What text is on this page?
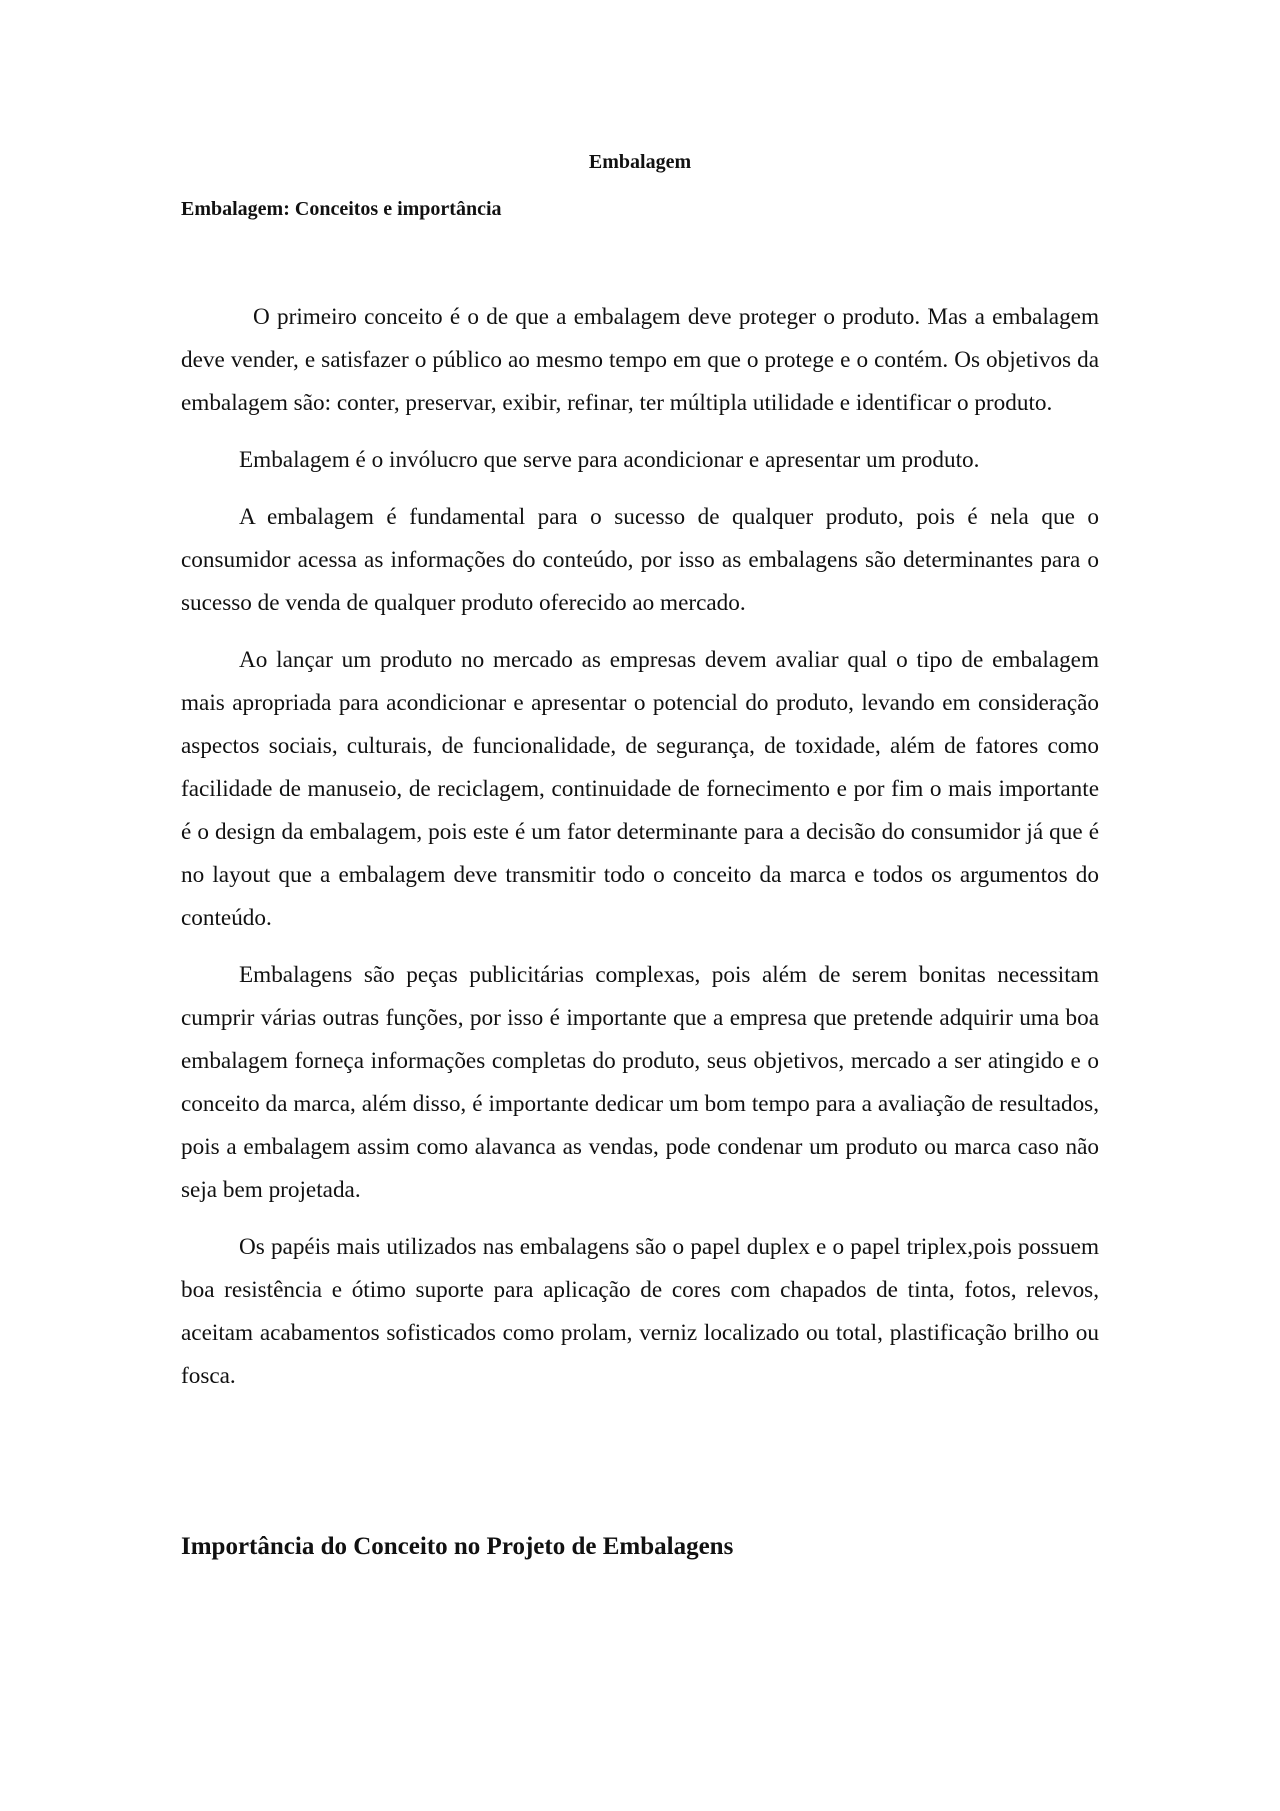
Embalagem
Embalagem: Conceitos e importância

O primeiro conceito é o de que a embalagem deve proteger o produto. Mas a embalagem deve vender, e satisfazer o público ao mesmo tempo em que o protege e o contém. Os objetivos da embalagem são: conter, preservar, exibir, refinar, ter múltipla utilidade e identificar o produto.

Embalagem é o invólucro que serve para acondicionar e apresentar um produto.

A embalagem é fundamental para o sucesso de qualquer produto, pois é nela que o consumidor acessa as informações do conteúdo, por isso as embalagens são determinantes para o sucesso de venda de qualquer produto oferecido ao mercado.

Ao lançar um produto no mercado as empresas devem avaliar qual o tipo de embalagem mais apropriada para acondicionar e apresentar o potencial do produto, levando em consideração aspectos sociais, culturais, de funcionalidade, de segurança, de toxidade, além de fatores como facilidade de manuseio, de reciclagem, continuidade de fornecimento e por fim o mais importante é o design da embalagem, pois este é um fator determinante para a decisão do consumidor já que é no layout que a embalagem deve transmitir todo o conceito da marca e todos os argumentos do conteúdo.

Embalagens são peças publicitárias complexas, pois além de serem bonitas necessitam cumprir várias outras funções, por isso é importante que a empresa que pretende adquirir uma boa embalagem forneça informações completas do produto, seus objetivos, mercado a ser atingido e o conceito da marca, além disso, é importante dedicar um bom tempo para a avaliação de resultados, pois a embalagem assim como alavanca as vendas, pode condenar um produto ou marca caso não seja bem projetada.

Os papéis mais utilizados nas embalagens são o papel duplex e o papel triplex,pois possuem boa resistência e ótimo suporte para aplicação de cores com chapados de tinta, fotos, relevos, aceitam acabamentos sofisticados como prolam, verniz localizado ou total, plastificação brilho ou fosca.

Importância do Conceito no Projeto de Embalagens
